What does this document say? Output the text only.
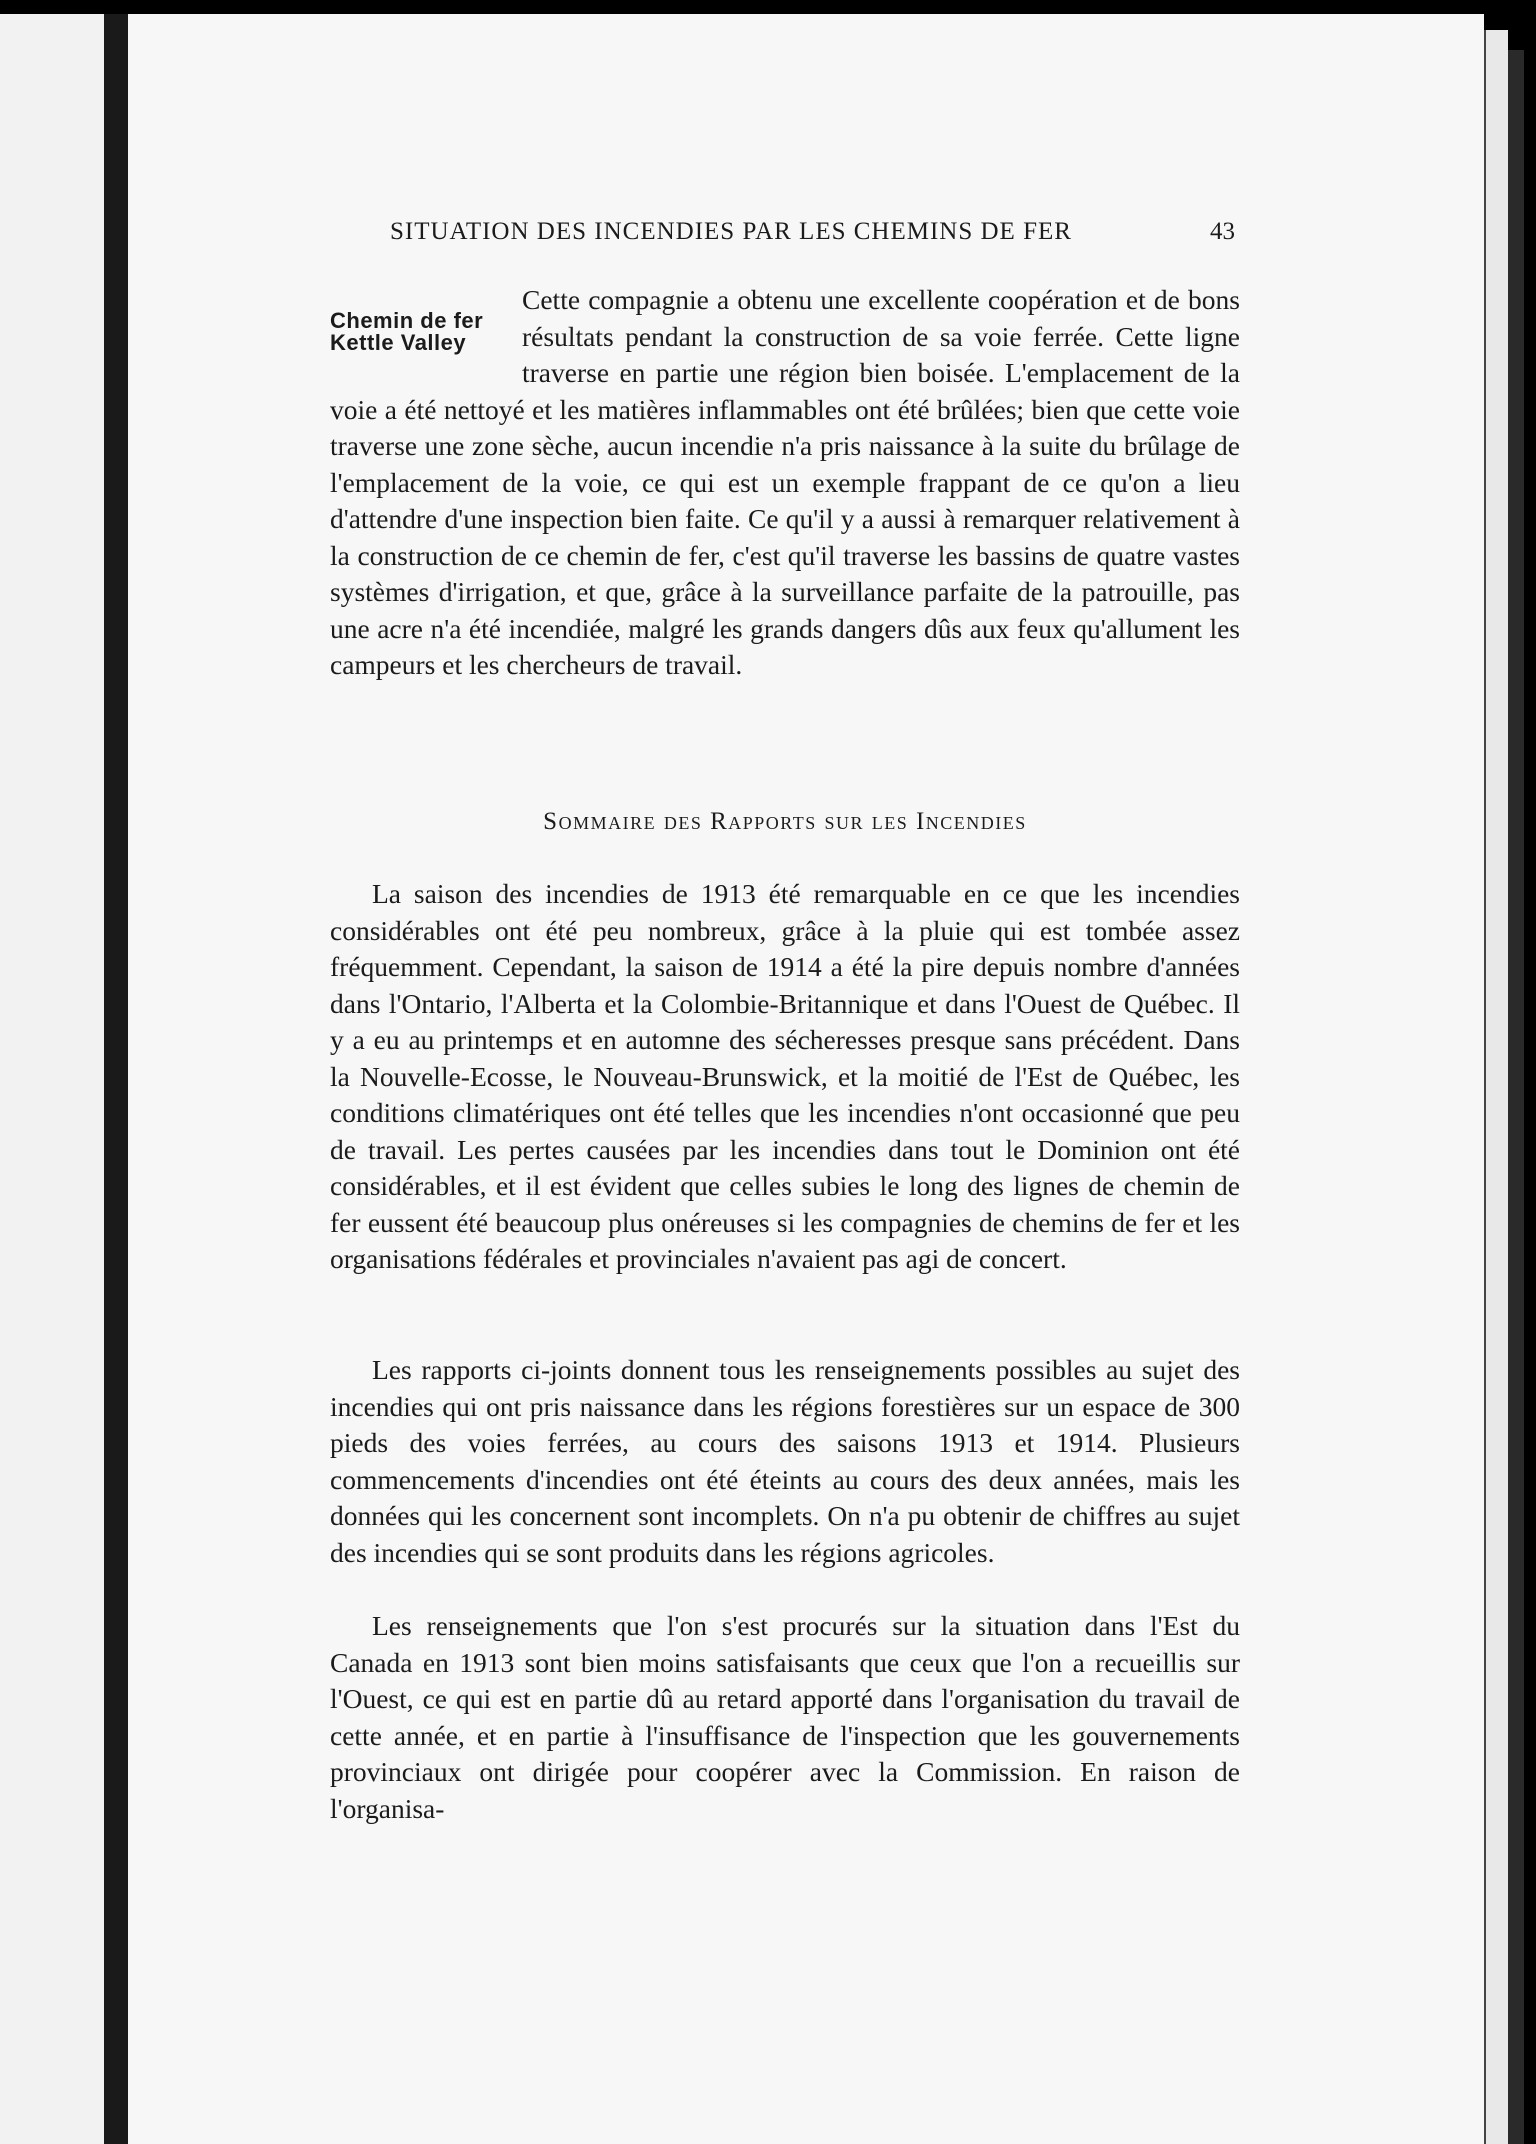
SITUATION DES INCENDIES PAR LES CHEMINS DE FER	43
Cette compagnie a obtenu une excellente coopération et de bons résultats pendant la construction de sa voie ferrée. Cette ligne traverse en partie une région bien boisée. L'emplacement de la voie a été nettoyé et les matières inflammables ont été brûlées; bien que cette voie traverse une zone sèche, aucun incendie n'a pris naissance à la suite du brûlage de l'emplacement de la voie, ce qui est un exemple frappant de ce qu'on a lieu d'attendre d'une inspection bien faite. Ce qu'il y a aussi à remarquer relativement à la construction de ce chemin de fer, c'est qu'il traverse les bassins de quatre vastes systèmes d'irrigation, et que, grâce à la surveillance parfaite de la patrouille, pas une acre n'a été incendiée, malgré les grands dangers dûs aux feux qu'allument les campeurs et les chercheurs de travail.
Chemin de fer
Kettle Valley
Sommaire des Rapports sur les Incendies
La saison des incendies de 1913 été remarquable en ce que les incendies considérables ont été peu nombreux, grâce à la pluie qui est tombée assez fréquemment. Cependant, la saison de 1914 a été la pire depuis nombre d'années dans l'Ontario, l'Alberta et la Colombie-Britannique et dans l'Ouest de Québec. Il y a eu au printemps et en automne des sécheresses presque sans précédent. Dans la Nouvelle-Ecosse, le Nouveau-Brunswick, et la moitié de l'Est de Québec, les conditions climatériques ont été telles que les incendies n'ont occasionné que peu de travail. Les pertes causées par les incendies dans tout le Dominion ont été considérables, et il est évident que celles subies le long des lignes de chemin de fer eussent été beaucoup plus onéreuses si les compagnies de chemins de fer et les organisations fédérales et provinciales n'avaient pas agi de concert.
Les rapports ci-joints donnent tous les renseignements possibles au sujet des incendies qui ont pris naissance dans les régions forestières sur un espace de 300 pieds des voies ferrées, au cours des saisons 1913 et 1914. Plusieurs commencements d'incendies ont été éteints au cours des deux années, mais les données qui les concernent sont incomplets. On n'a pu obtenir de chiffres au sujet des incendies qui se sont produits dans les régions agricoles.
Les renseignements que l'on s'est procurés sur la situation dans l'Est du Canada en 1913 sont bien moins satisfaisants que ceux que l'on a recueillis sur l'Ouest, ce qui est en partie dû au retard apporté dans l'organisation du travail de cette année, et en partie à l'insuffisance de l'inspection que les gouvernements provinciaux ont dirigée pour coopérer avec la Commission. En raison de l'organisa-
